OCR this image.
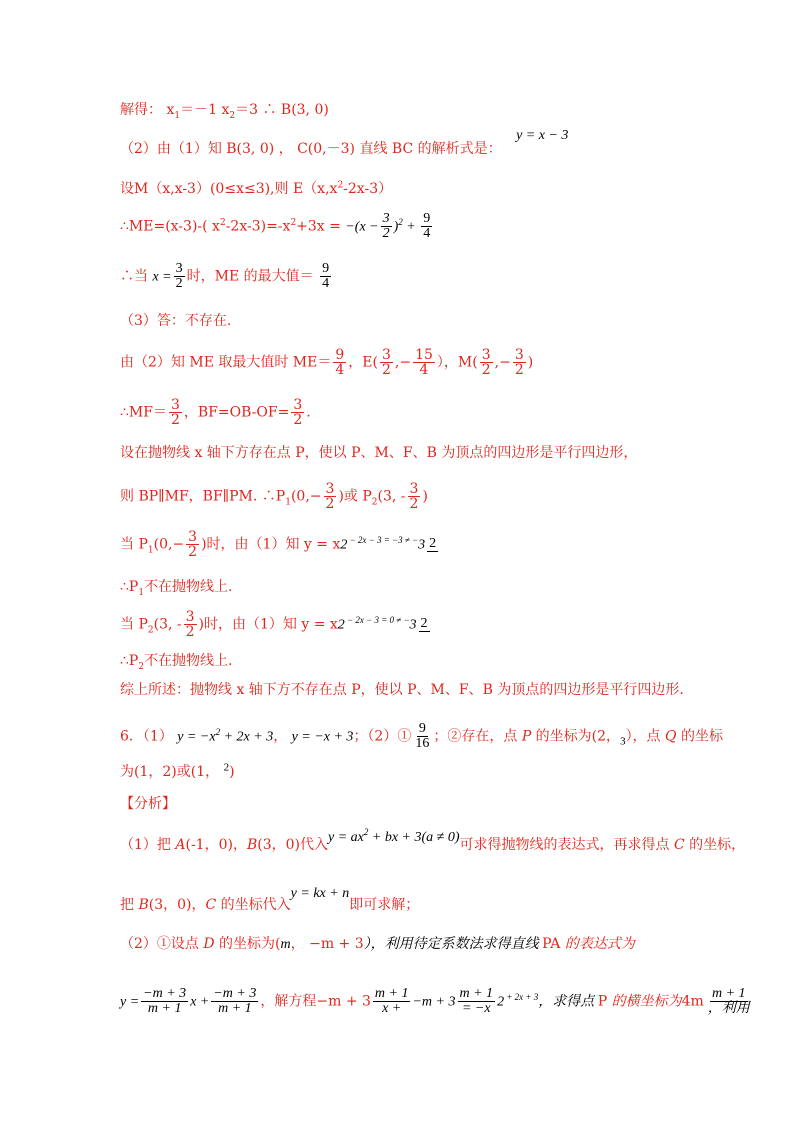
解得： $x_1=-1$ $x_2=3$ ∴ B(3, 0)
（2）由（1）知 B(3, 0) ， C(0,－3) 直线 BC 的解析式是： y = x − 3
设M（x,x-3）(0≤x≤3),则 $E(x,x^2-2x-3)$
∴ME=(x-3)-( $x^2-2x-3)=-x^2+3x = -(x - \frac{3}{2} )^2 + \frac{9}{4}$
∴当 $x = \frac{3}{2}$ 时，ME 的最大值＝ $\frac{9}{4}$
（3）答：不存在.
由（2）知 ME 取最大值时 $ME= \frac{9}{4}$ ，$E( \frac{3}{2}$ ,− $\frac{15}{4}$ ），$M( \frac{3}{2}$ ,− $\frac{3}{2}$ )
∴MF＝ $\frac{3}{2}$ ，$BF=OB-OF= \frac{3}{2}$ .
设在抛物线 x 轴下方存在点 P，使以 P、M、F、B 为顶点的四边形是平行四边形，
则 BP∥MF，BF∥PM. $\therefore P_1(0,- \frac{3}{2}$ )或 $P_2(3$, - $\frac{3}{2}$ )
当 $P_1(0,- \frac{3}{2}$ )时，由（1）知 y = x2 $^{- 2x - 3 = -3 \ne -}$3 2
$\therefore P_1$不在抛物线上.
当 $P_2(3$, - $\frac{3}{2}$ )时，由（1）知 y = x2 $^{- 2x - 3 = 0 \ne -}$3 2
$\therefore P_2$不在抛物线上.
综上所述：抛物线 x 轴下方不存在点 P，使以 P、M、F、B 为顶点的四边形是平行四边形.
6．（1） $y = -x^2 + 2x + 3$， y = −x + 3；（2）① $\frac{9}{16}$ ；②存在，点 P 的坐标为(2，$_3$），点 Q 的坐标
为(1，2)或(1， $^2$)
【分析】
（1）把 A(-1，0)，B(3，0)代入$y = ax^2$ + bx + 3(a ≠ 0)可求得抛物线的表达式，再求得点 C 的坐标，
把 B(3，0)，C 的坐标代入y = kx + n即可求解；
（2）①设点 D 的坐标为(m， −m + 3），利用待定系数法求得直线 PA 的表达式为
$y = \frac{-m + 3}{m + 1}$ $x + \frac{-m + 3}{m + 1}$ ，解方程$-m + 3 \frac{m + 1}{x +} -m + 3 \frac{m + 1}{= -x} 2$ $^{+ 2x + 3}$，求得点 P 的横坐标为$4m \frac{m + 1}{\text{，利用}}$
